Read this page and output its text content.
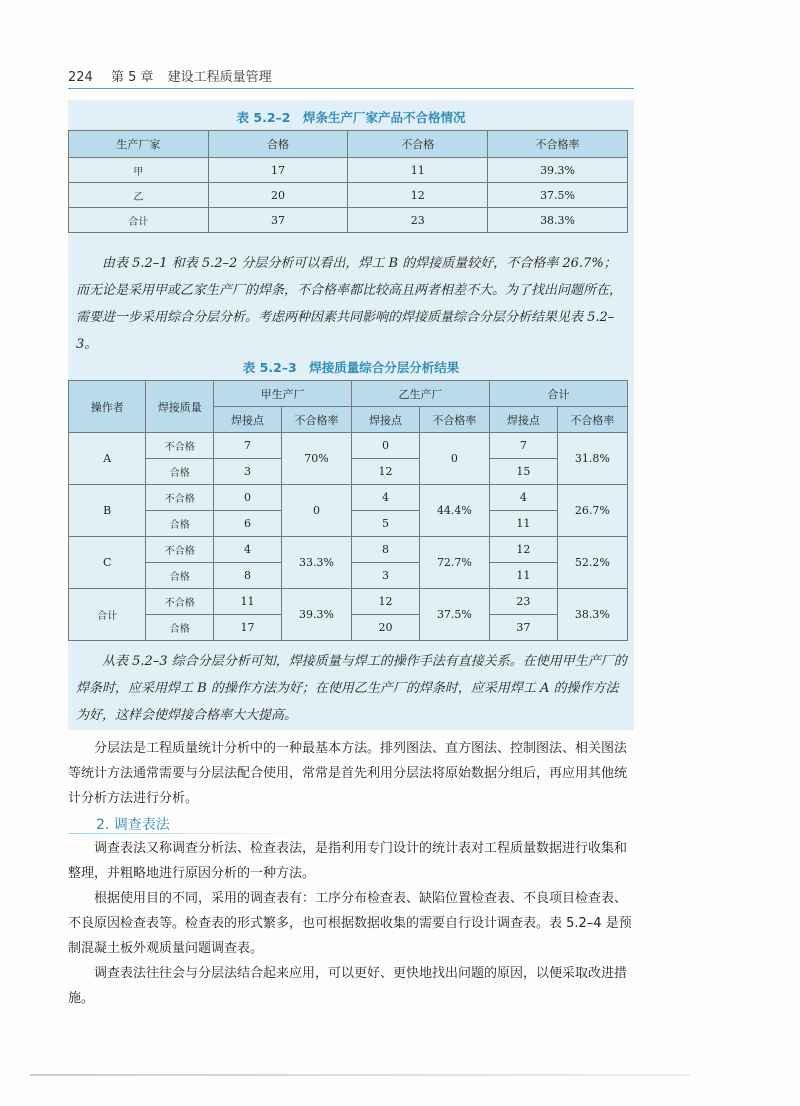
224 第 5 章 建设工程质量管理
表 5.2–2　焊条生产厂家产品不合格情况
生产厂家	合格	不合格	不合格率
甲	17	11	39.3%
乙	20	12	37.5%
合计	37	23	38.3%

由表 5.2–1 和表 5.2–2 分层分析可以看出，焊工 B 的焊接质量较好，不合格率 26.7%；而无论是采用甲或乙家生产厂的焊条，不合格率都比较高且两者相差不大。为了找出问题所在，需要进一步采用综合分层分析。考虑两种因素共同影响的焊接质量综合分层分析结果见表 5.2–3。

表 5.2–3　焊接质量综合分层分析结果
操作者	焊接质量	甲生产厂		乙生产厂		合计	
		焊接点	不合格率	焊接点	不合格率	焊接点	不合格率
A	不合格	7	70%	0	0	7	31.8%
	合格	3		12		15	
B	不合格	0	0	4	44.4%	4	26.7%
	合格	6		5		11	
C	不合格	4	33.3%	8	72.7%	12	52.2%
	合格	8		3		11	
合计	不合格	11	39.3%	12	37.5%	23	38.3%
	合格	17		20		37	

从表 5.2–3 综合分层分析可知，焊接质量与焊工的操作手法有直接关系。在使用甲生产厂的焊条时，应采用焊工 B 的操作方法为好；在使用乙生产厂的焊条时，应采用焊工 A 的操作方法为好，这样会使焊接合格率大大提高。

分层法是工程质量统计分析中的一种最基本方法。排列图法、直方图法、控制图法、相关图法等统计方法通常需要与分层法配合使用，常常是首先利用分层法将原始数据分组后，再应用其他统计分析方法进行分析。

2. 调查表法

调查表法又称调查分析法、检查表法，是指利用专门设计的统计表对工程质量数据进行收集和整理，并粗略地进行原因分析的一种方法。

根据使用目的不同，采用的调查表有：工序分布检查表、缺陷位置检查表、不良项目检查表、不良原因检查表等。检查表的形式繁多，也可根据数据收集的需要自行设计调查表。表 5.2–4 是预制混凝土板外观质量问题调查表。

调查表法往往会与分层法结合起来应用，可以更好、更快地找出问题的原因，以便采取改进措施。
